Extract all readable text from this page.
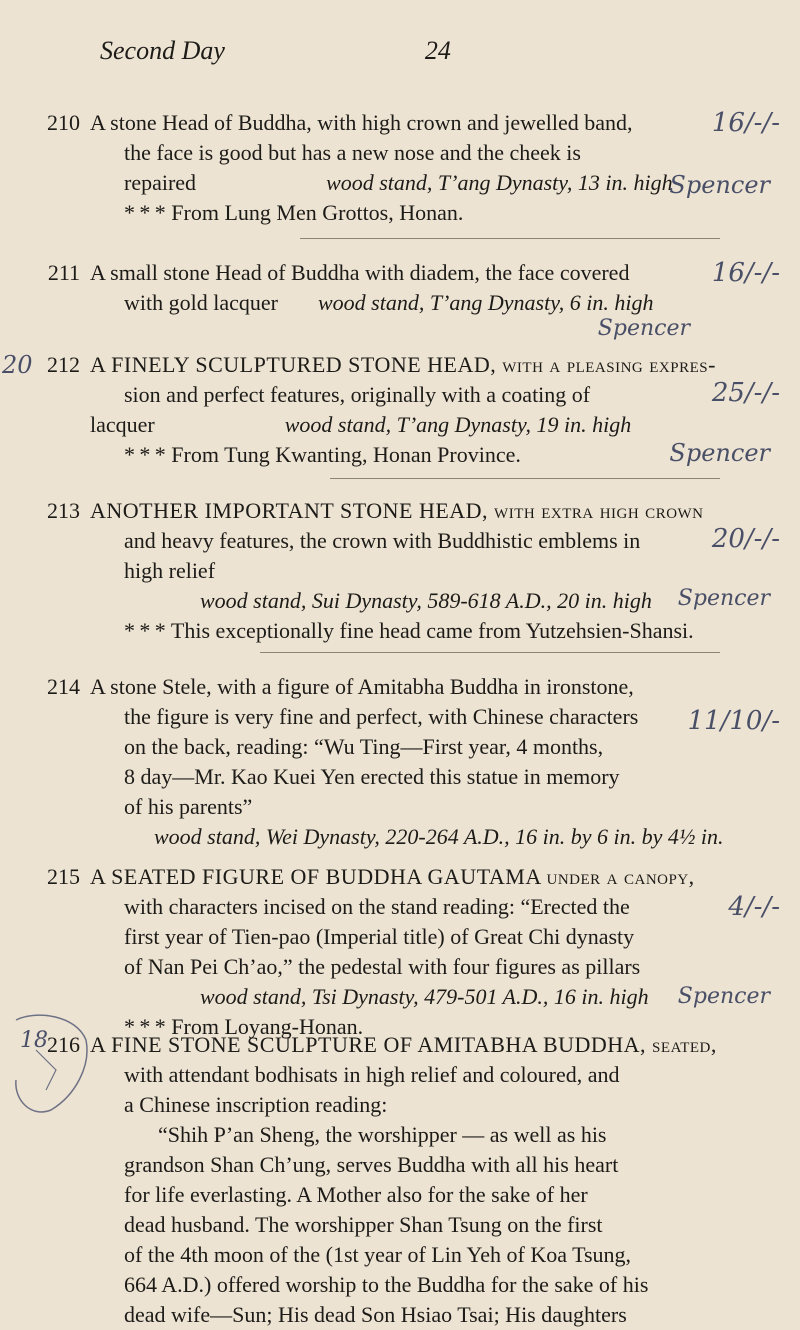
Second Day	24
210 A stone Head of Buddha, with high crown and jewelled band,

the face is good but has a new nose and the cheek is

repaired	wood stand, T’ang Dynasty, 13 in. high

* * * From Lung Men Grottos, Honan.

16/-/-
Spencer
211 A small stone Head of Buddha with diadem, the face covered

with gold lacquer wood stand, T’ang Dynasty, 6 in. high

16/-/-
Spencer
20 212 A FINELY SCULPTURED STONE HEAD, with a pleasing expres-

sion and perfect features, originally with a coating of

lacquer	wood stand, T’ang Dynasty, 19 in. high

* * * From Tung Kwanting, Honan Province.

25/-/-
Spencer
213 ANOTHER IMPORTANT STONE HEAD, with extra high crown

and heavy features, the crown with Buddhistic emblems in

high relief

wood stand, Sui Dynasty, 589-618 A.D., 20 in. high

* * * This exceptionally fine head came from Yutzehsien-Shansi.

20/-/-
Spencer
214 A stone Stele, with a figure of Amitabha Buddha in ironstone,

the figure is very fine and perfect, with Chinese characters

on the back, reading: “Wu Ting—First year, 4 months,

8 day—Mr. Kao Kuei Yen erected this statue in memory

of his parents”

wood stand, Wei Dynasty, 220-264 A.D., 16 in. by 6 in. by 4½ in.

11/10/-
215 A SEATED FIGURE OF BUDDHA GAUTAMA under a canopy,

with characters incised on the stand reading: “Erected the

first year of Tien-pao (Imperial title) of Great Chi dynasty

of Nan Pei Ch’ao,” the pedestal with four figures as pillars

wood stand, Tsi Dynasty, 479-501 A.D., 16 in. high

* * * From Loyang-Honan.

4/-/-
Spencer
18 216 A FINE STONE SCULPTURE OF AMITABHA BUDDHA, seated,

with attendant bodhisats in high relief and coloured, and

a Chinese inscription reading:

“Shih P’an Sheng, the worshipper — as well as his

grandson Shan Ch’ung, serves Buddha with all his heart

for life everlasting. A Mother also for the sake of her

dead husband. The worshipper Shan Tsung on the first

of the 4th moon of the (1st year of Lin Yeh of Koa Tsung,

664 A.D.) offered worship to the Buddha for the sake of his

dead wife—Sun; His dead Son Hsiao Tsai; His daughters
